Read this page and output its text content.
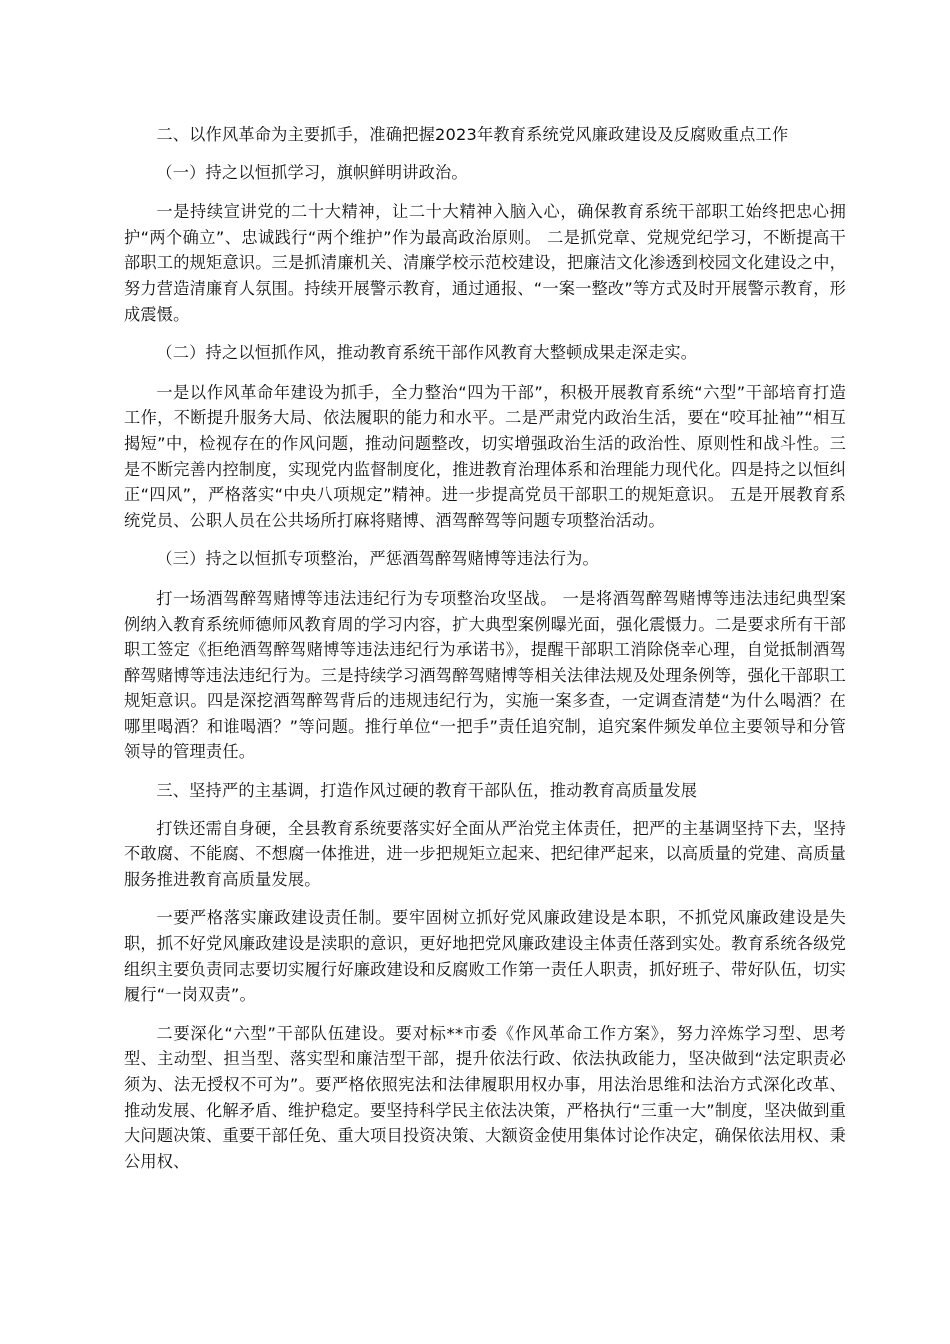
二、以作风革命为主要抓手，准确把握2023年教育系统党风廉政建设及反腐败重点工作

（一）持之以恒抓学习，旗帜鲜明讲政治。

一是持续宣讲党的二十大精神，让二十大精神入脑入心，确保教育系统干部职工始终把忠心拥护“两个确立”、忠诚践行“两个维护”作为最高政治原则。 二是抓党章、党规党纪学习，不断提高干部职工的规矩意识。三是抓清廉机关、清廉学校示范校建设，把廉洁文化渗透到校园文化建设之中，努力营造清廉育人氛围。持续开展警示教育，通过通报、“一案一整改”等方式及时开展警示教育，形成震慑。

（二）持之以恒抓作风，推动教育系统干部作风教育大整顿成果走深走实。

一是以作风革命年建设为抓手，全力整治“四为干部”，积极开展教育系统“六型”干部培育打造工作，不断提升服务大局、依法履职的能力和水平。二是严肃党内政治生活，要在“咬耳扯袖”“相互揭短”中，检视存在的作风问题，推动问题整改，切实增强政治生活的政治性、原则性和战斗性。三是不断完善内控制度，实现党内监督制度化，推进教育治理体系和治理能力现代化。四是持之以恒纠正“四风”，严格落实“中央八项规定”精神。进一步提高党员干部职工的规矩意识。 五是开展教育系统党员、公职人员在公共场所打麻将赌博、酒驾醉驾等问题专项整治活动。

（三）持之以恒抓专项整治，严惩酒驾醉驾赌博等违法行为。

打一场酒驾醉驾赌博等违法违纪行为专项整治攻坚战。 一是将酒驾醉驾赌博等违法违纪典型案例纳入教育系统师德师风教育周的学习内容，扩大典型案例曝光面，强化震慑力。二是要求所有干部职工签定《拒绝酒驾醉驾赌博等违法违纪行为承诺书》，提醒干部职工消除侥幸心理，自觉抵制酒驾醉驾赌博等违法违纪行为。三是持续学习酒驾醉驾赌博等相关法律法规及处理条例等，强化干部职工规矩意识。四是深挖酒驾醉驾背后的违规违纪行为，实施一案多查，一定调查清楚“为什么喝酒？在哪里喝酒？和谁喝酒？”等问题。推行单位“一把手”责任追究制，追究案件频发单位主要领导和分管领导的管理责任。

三、坚持严的主基调，打造作风过硬的教育干部队伍，推动教育高质量发展

打铁还需自身硬，全县教育系统要落实好全面从严治党主体责任，把严的主基调坚持下去，坚持不敢腐、不能腐、不想腐一体推进，进一步把规矩立起来、把纪律严起来，以高质量的党建、高质量服务推进教育高质量发展。

一要严格落实廉政建设责任制。要牢固树立抓好党风廉政建设是本职，不抓党风廉政建设是失职，抓不好党风廉政建设是渎职的意识，更好地把党风廉政建设主体责任落到实处。教育系统各级党组织主要负责同志要切实履行好廉政建设和反腐败工作第一责任人职责，抓好班子、带好队伍，切实履行“一岗双责”。

二要深化“六型”干部队伍建设。要对标**市委《作风革命工作方案》，努力淬炼学习型、思考型、主动型、担当型、落实型和廉洁型干部，提升依法行政、依法执政能力，坚决做到“法定职责必须为、法无授权不可为”。要严格依照宪法和法律履职用权办事，用法治思维和法治方式深化改革、推动发展、化解矛盾、维护稳定。要坚持科学民主依法决策，严格执行“三重一大”制度，坚决做到重大问题决策、重要干部任免、重大项目投资决策、大额资金使用集体讨论作决定，确保依法用权、秉公用权、
